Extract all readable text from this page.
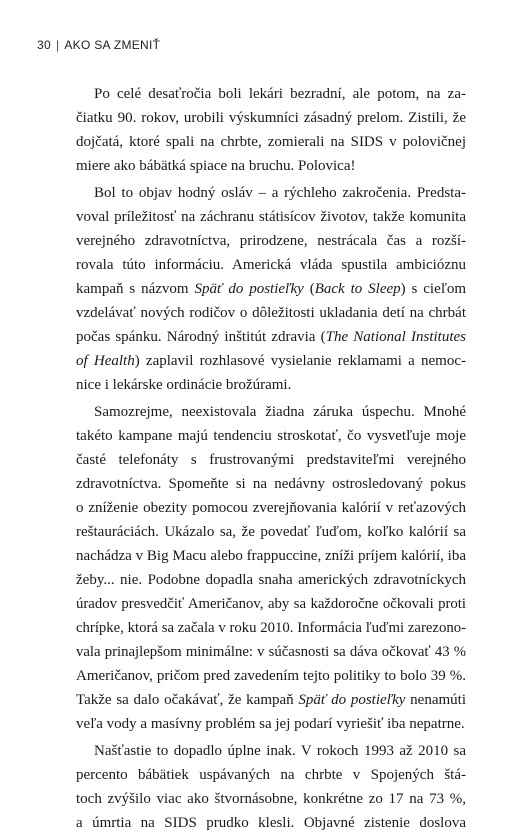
30 | AKO SA ZMENIŤ
Po celé desaťročia boli lekári bezradní, ale potom, na za-
čiatku 90. rokov, urobili výskumníci zásadný prelom. Zistili, že
dojčatá, ktoré spali na chrbte, zomierali na SIDS v polovičnej
miere ako bábätká spiace na bruchu. Polovica!
Bol to objav hodný osláv – a rýchleho zakročenia. Predsta-
voval príležitosť na záchranu státisícov životov, takže komunita
verejného zdravotníctva, prirodzene, nestrácala čas a rozší-
rovala túto informáciu. Americká vláda spustila ambicióznu
kampaň s názvom Späť do postieľky (Back to Sleep) s cieľom
vzdelávať nových rodičov o dôležitosti ukladania detí na chrbát
počas spánku. Národný inštitút zdravia (The National Institutes
of Health) zaplavil rozhlasové vysielanie reklamami a nemoc-
nice i lekárske ordinácie brožúrami.
Samozrejme, neexistovala žiadna záruka úspechu. Mnohé
takéto kampane majú tendenciu stroskotať, čo vysvetľuje moje
časté telefonáty s frustrovanými predstaviteľmi verejného
zdravotníctva. Spomeňte si na nedávny ostrosledovaný pokus
o zníženie obezity pomocou zverejňovania kalórií v reťazových
reštauráciách. Ukázalo sa, že povedať ľuďom, koľko kalórií sa
nachádza v Big Macu alebo frappuccine, zníži príjem kalórií, iba
žeby... nie. Podobne dopadla snaha amerických zdravotníckych
úradov presvedčiť Američanov, aby sa každoročne očkovali proti
chrípke, ktorá sa začala v roku 2010. Informácia ľuďmi zarezono-
vala prinajlepšom minimálne: v súčasnosti sa dáva očkovať 43 %
Američanov, pričom pred zavedením tejto politiky to bolo 39 %.
Takže sa dalo očakávať, že kampaň Späť do postieľky nenamúti
veľa vody a masívny problém sa jej podarí vyriešiť iba nepatrne.
Našťastie to dopadlo úplne inak. V rokoch 1993 až 2010 sa
percento bábätiek uspávaných na chrbte v Spojených štá-
toch zvýšilo viac ako štvornásobne, konkrétne zo 17 na 73 %,
a úmrtia na SIDS prudko klesli. Objavné zistenie doslova
